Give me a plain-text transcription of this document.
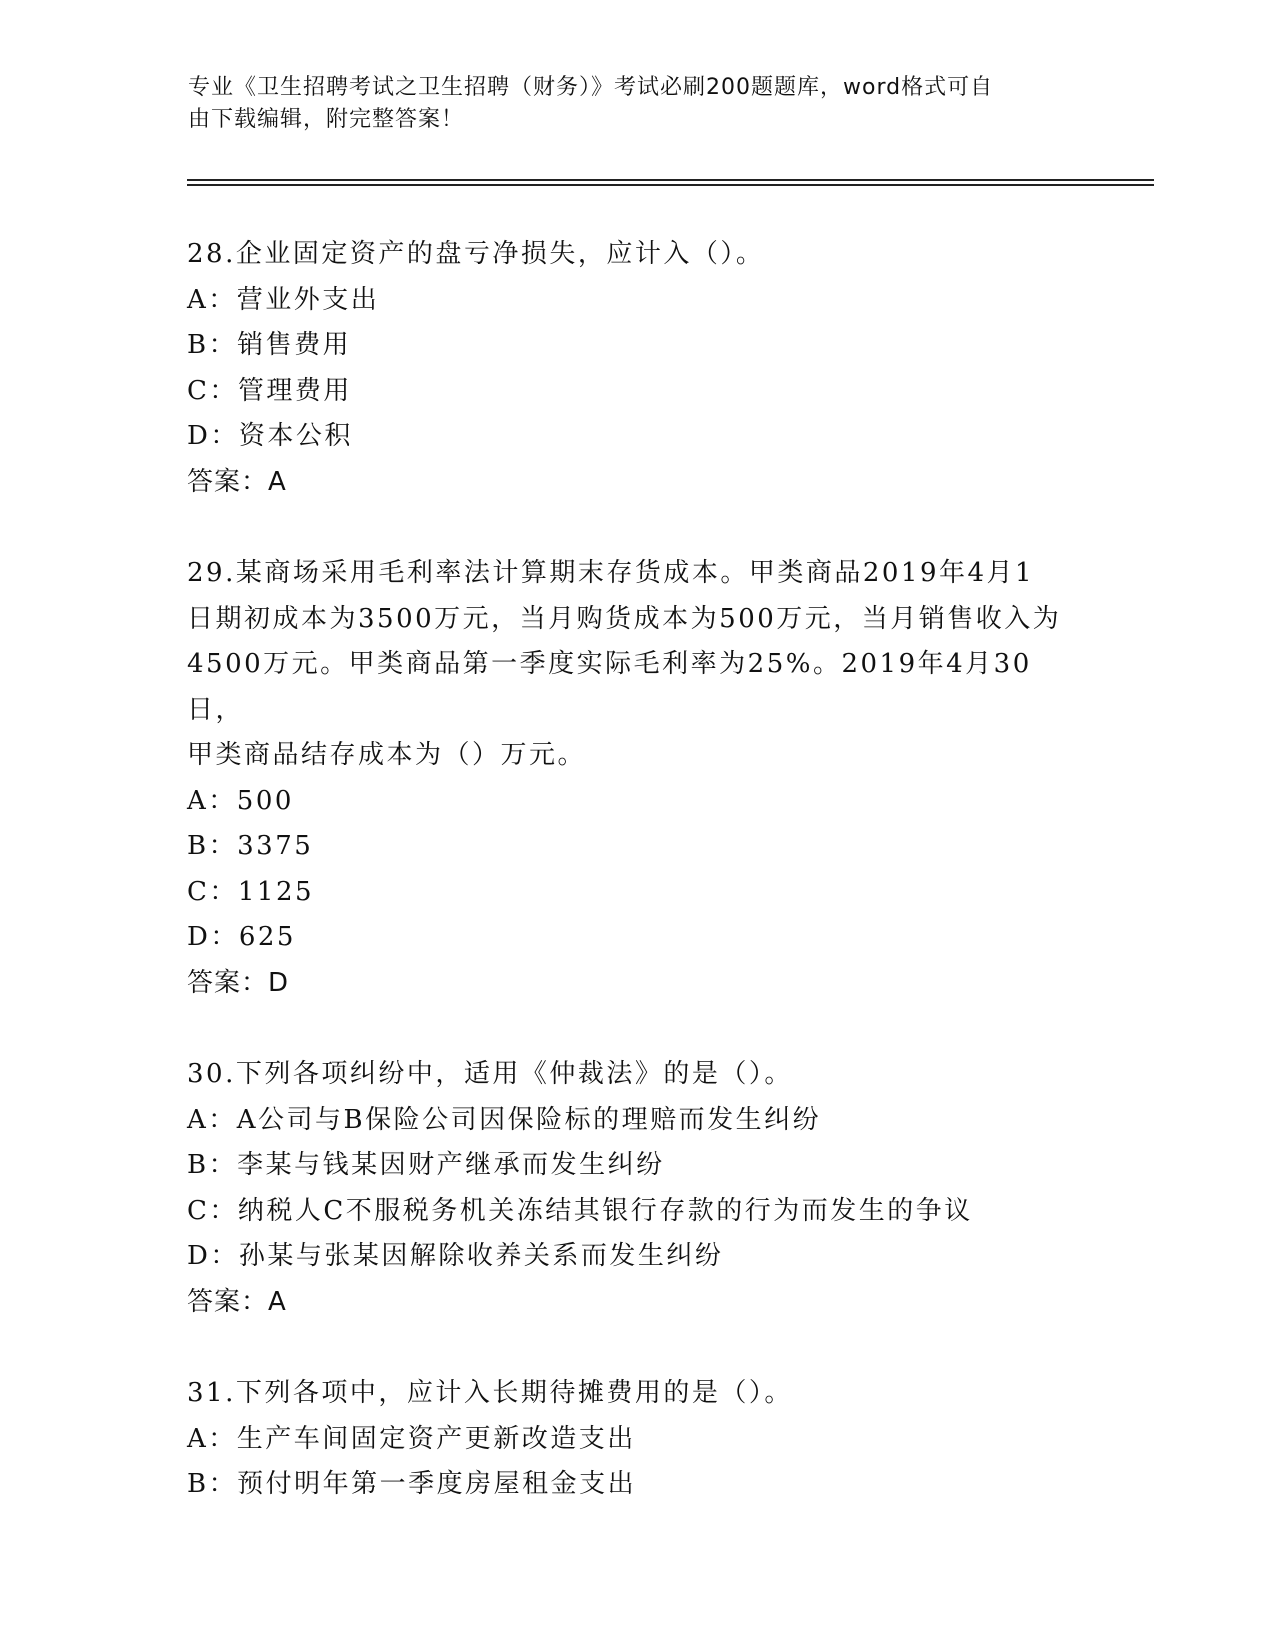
专业《卫生招聘考试之卫生招聘（财务）》考试必刷200题题库，word格式可自
由下载编辑，附完整答案！

28.企业固定资产的盘亏净损失，应计入（）。

A：营业外支出

B：销售费用

C：管理费用

D：资本公积

答案：A

29.某商场采用毛利率法计算期末存货成本。甲类商品2019年4月1

日期初成本为3500万元，当月购货成本为500万元，当月销售收入为

4500万元。甲类商品第一季度实际毛利率为25%。2019年4月30日，

甲类商品结存成本为（）万元。

A：500

B：3375

C：1125

D：625

答案：D

30.下列各项纠纷中，适用《仲裁法》的是（）。

A：A公司与B保险公司因保险标的理赔而发生纠纷

B：李某与钱某因财产继承而发生纠纷

C：纳税人C不服税务机关冻结其银行存款的行为而发生的争议

D：孙某与张某因解除收养关系而发生纠纷

答案：A

31.下列各项中，应计入长期待摊费用的是（）。

A：生产车间固定资产更新改造支出

B：预付明年第一季度房屋租金支出
